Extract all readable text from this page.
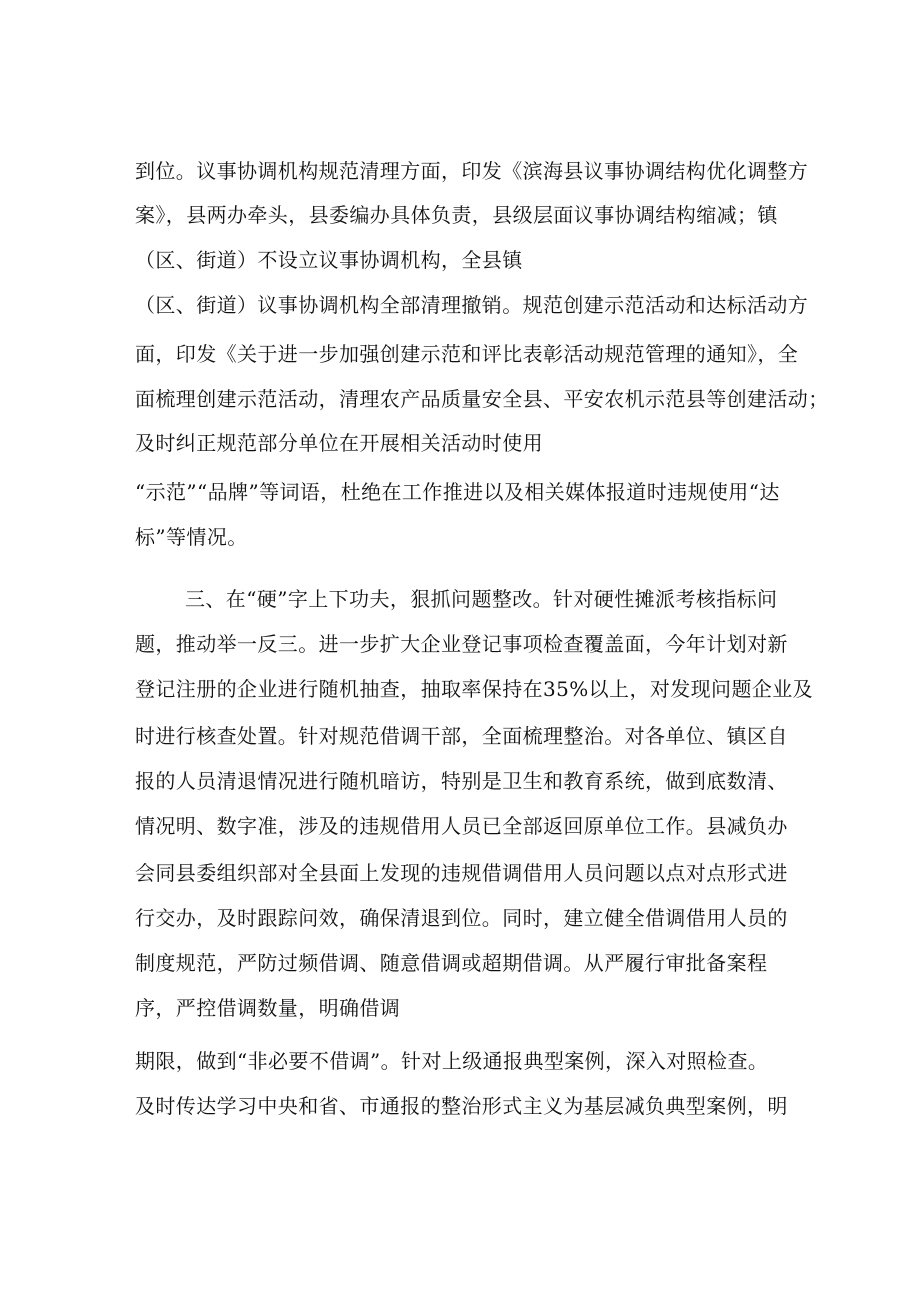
到位。议事协调机构规范清理方面，印发《滨海县议事协调结构优化调整方
案》，县两办牵头，县委编办具体负责，县级层面议事协调结构缩减；镇
（区、街道）不设立议事协调机构，全县镇
（区、街道）议事协调机构全部清理撤销。规范创建示范活动和达标活动方
面，印发《关于进一步加强创建示范和评比表彰活动规范管理的通知》，全
面梳理创建示范活动，清理农产品质量安全县、平安农机示范县等创建活动；
及时纠正规范部分单位在开展相关活动时使用
“示范”“品牌”等词语，杜绝在工作推进以及相关媒体报道时违规使用“达
标”等情况。
三、在“硬”字上下功夫，狠抓问题整改。针对硬性摊派考核指标问
题，推动举一反三。进一步扩大企业登记事项检查覆盖面，今年计划对新
登记注册的企业进行随机抽查，抽取率保持在35%以上，对发现问题企业及
时进行核查处置。针对规范借调干部，全面梳理整治。对各单位、镇区自
报的人员清退情况进行随机暗访，特别是卫生和教育系统，做到底数清、
情况明、数字准，涉及的违规借用人员已全部返回原单位工作。县减负办
会同县委组织部对全县面上发现的违规借调借用人员问题以点对点形式进
行交办，及时跟踪问效，确保清退到位。同时，建立健全借调借用人员的
制度规范，严防过频借调、随意借调或超期借调。从严履行审批备案程
序，严控借调数量，明确借调
期限，做到“非必要不借调”。针对上级通报典型案例，深入对照检查。
及时传达学习中央和省、市通报的整治形式主义为基层减负典型案例，明
